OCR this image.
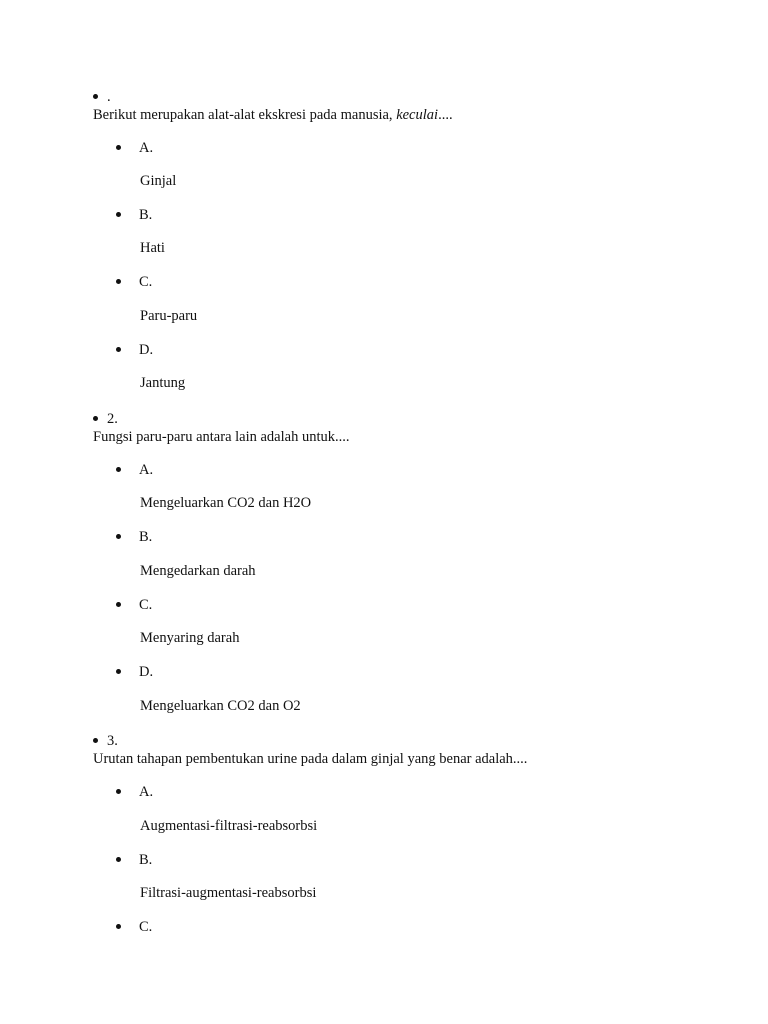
.
Berikut merupakan alat-alat ekskresi pada manusia, keculai....
A.
Ginjal
B.
Hati
C.
Paru-paru
D.
Jantung
2.
Fungsi paru-paru antara lain adalah untuk....
A.
Mengeluarkan CO2 dan H2O
B.
Mengedarkan darah
C.
Menyaring darah
D.
Mengeluarkan CO2 dan O2
3.
Urutan tahapan pembentukan urine pada dalam ginjal yang benar adalah....
A.
Augmentasi-filtrasi-reabsorbsi
B.
Filtrasi-augmentasi-reabsorbsi
C.
